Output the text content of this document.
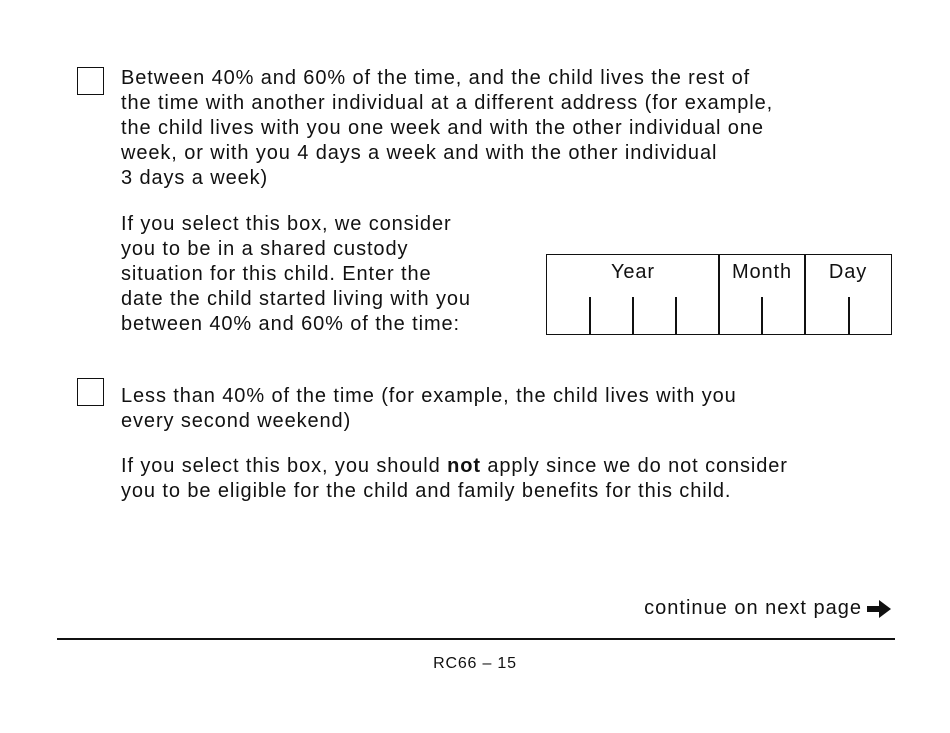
Between 40% and 60% of the time, and the child lives the rest of
the time with another individual at a different address (for example,
the child lives with you one week and with the other individual one
week, or with you 4 days a week and with the other individual
3 days a week)
If you select this box, we consider
you to be in a shared custody
situation for this child. Enter the
date the child started living with you
between 40% and 60% of the time:
Year	Month	Day
Less than 40% of the time (for example, the child lives with you
every second weekend)
If you select this box, you should not apply since we do not consider
you to be eligible for the child and family benefits for this child.
continue on next page
RC66 – 15
